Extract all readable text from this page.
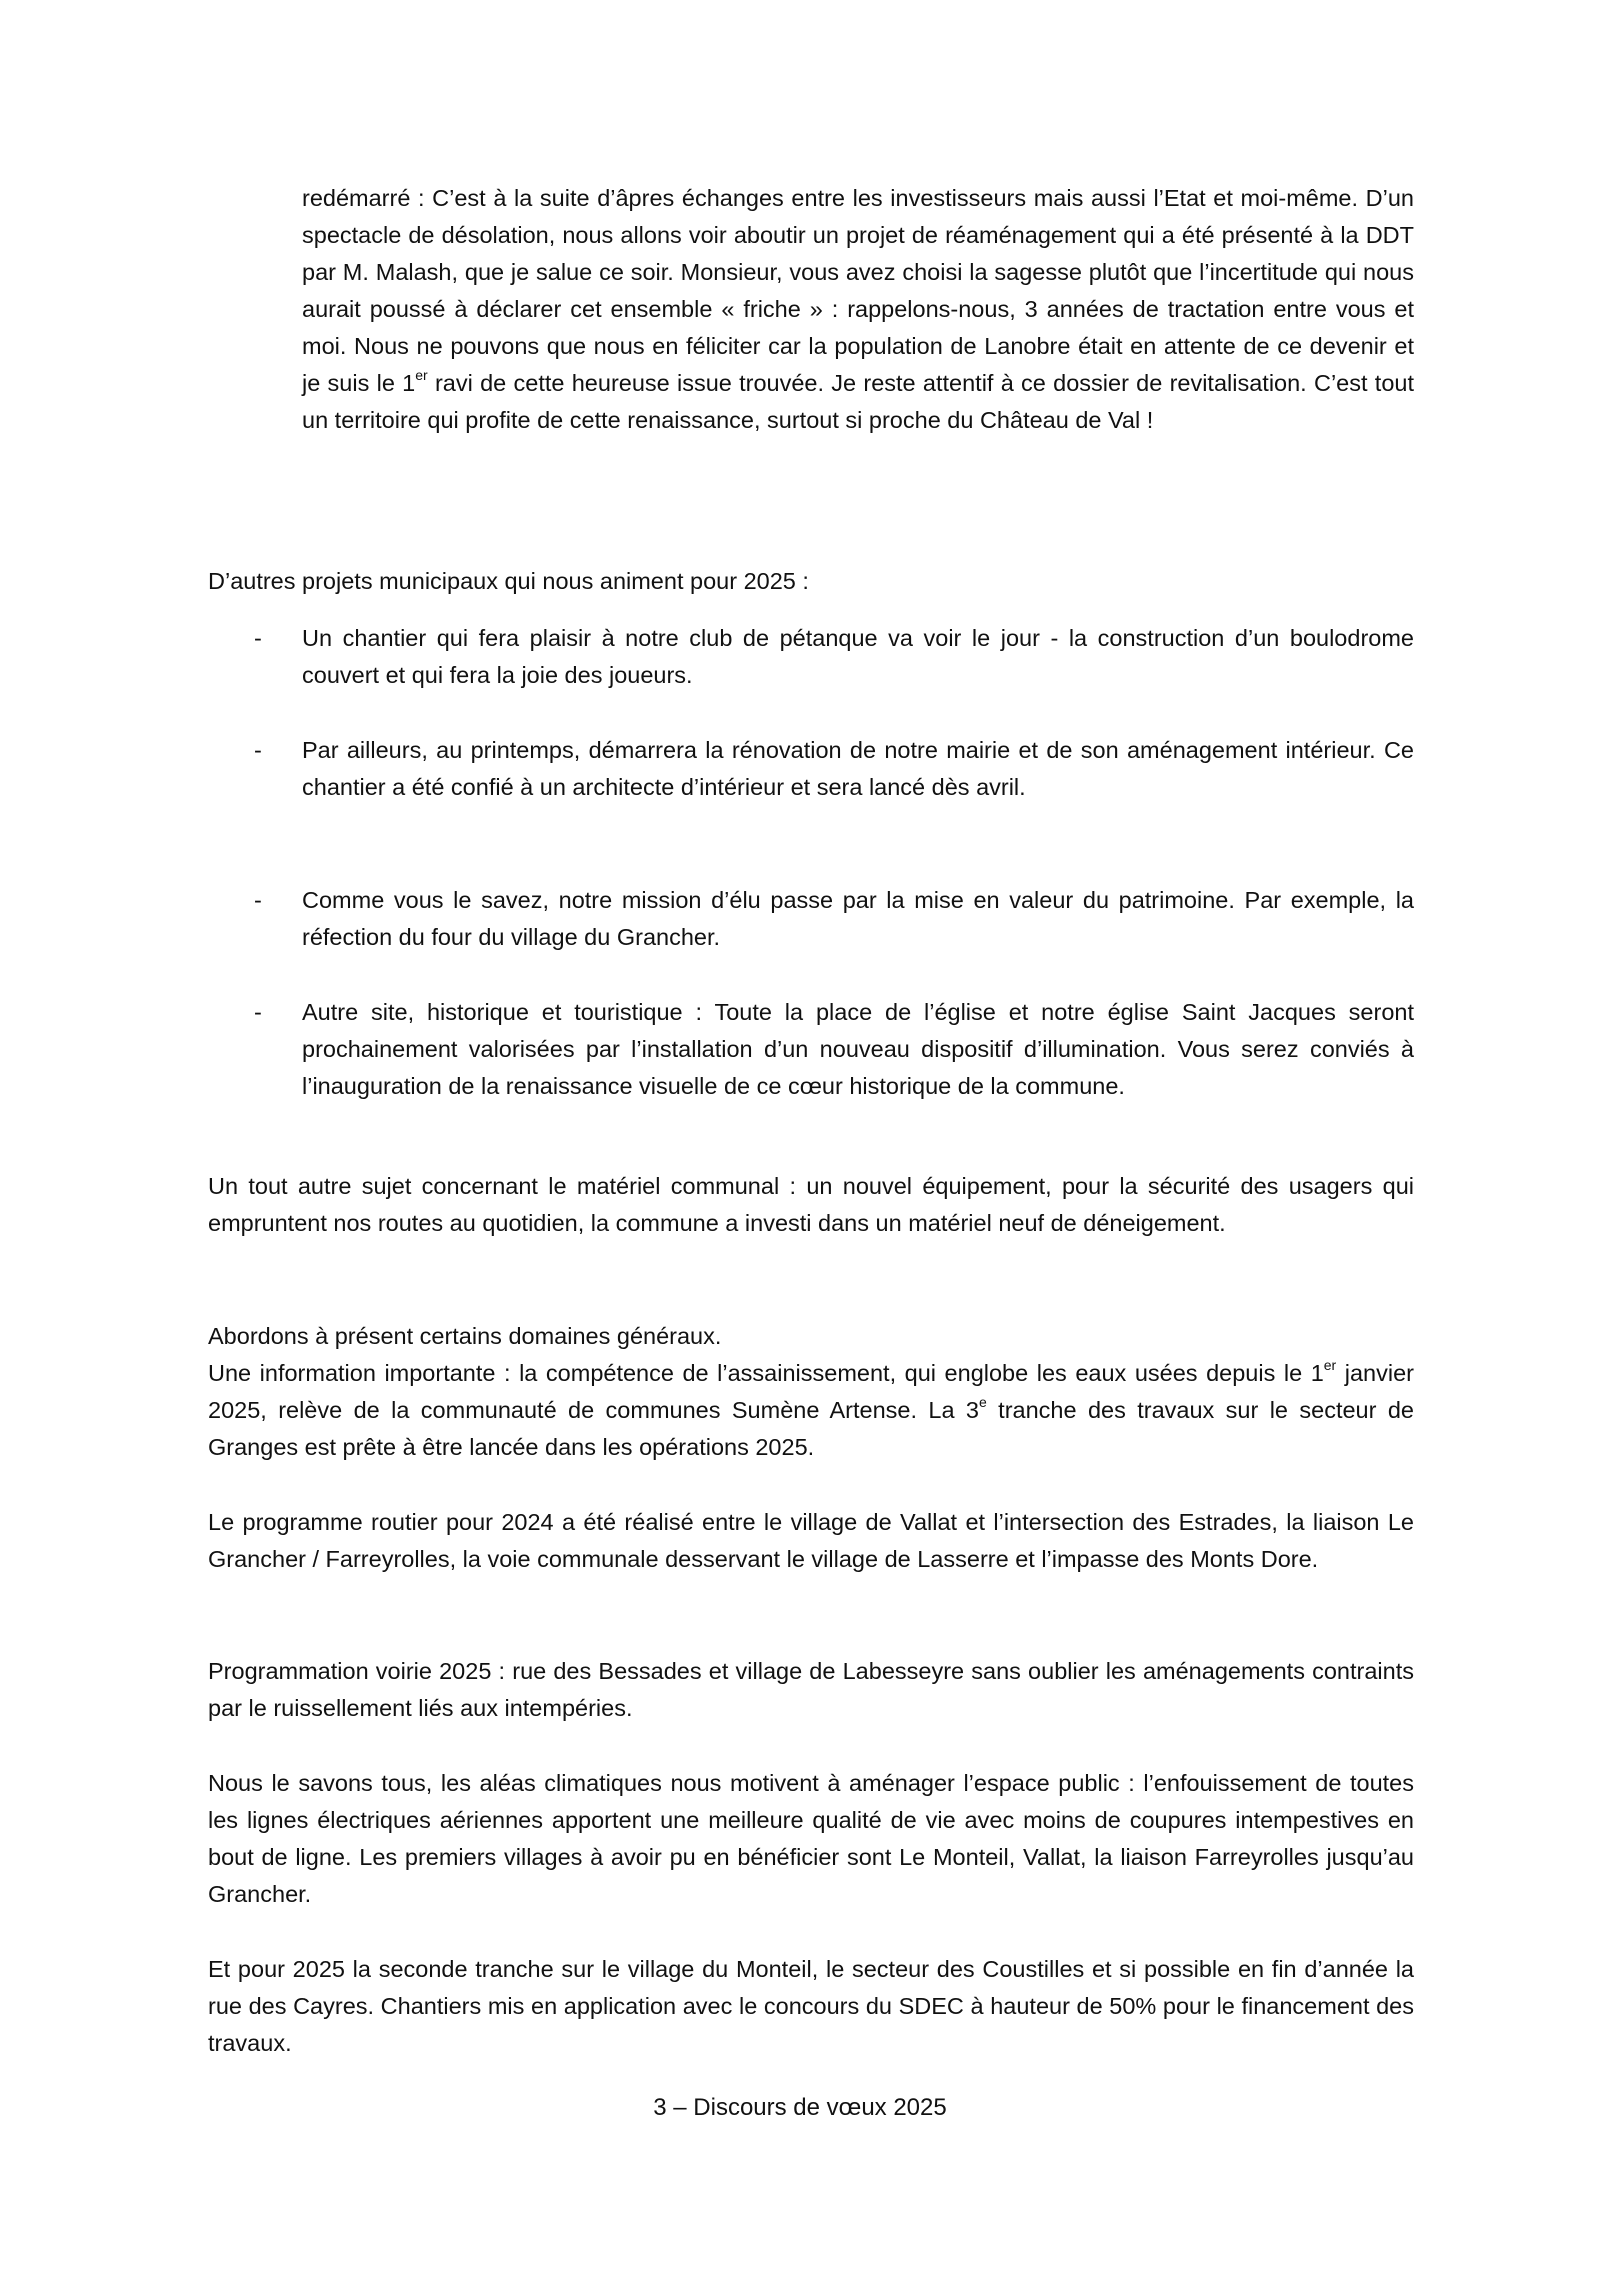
redémarré : C’est à la suite d’âpres échanges entre les investisseurs mais aussi l’Etat et moi-même. D’un spectacle de désolation, nous allons voir aboutir un projet de réaménagement qui a été présenté à la DDT par M. Malash, que je salue ce soir. Monsieur, vous avez choisi la sagesse plutôt que l’incertitude qui nous aurait poussé à déclarer cet ensemble « friche » : rappelons-nous, 3 années de tractation entre vous et moi. Nous ne pouvons que nous en féliciter car la population de Lanobre était en attente de ce devenir et je suis le 1er ravi de cette heureuse issue trouvée. Je reste attentif à ce dossier de revitalisation. C’est tout un territoire qui profite de cette renaissance, surtout si proche du Château de Val !

D’autres projets municipaux qui nous animent pour 2025 :

-	Un chantier qui fera plaisir à notre club de pétanque va voir le jour - la construction d’un boulodrome couvert et qui fera la joie des joueurs.

-	Par ailleurs, au printemps, démarrera la rénovation de notre mairie et de son aménagement intérieur. Ce chantier a été confié à un architecte d’intérieur et sera lancé dès avril.

-	Comme vous le savez, notre mission d’élu passe par la mise en valeur du patrimoine. Par exemple, la réfection du four du village du Grancher.

-	Autre site, historique et touristique : Toute la place de l’église et notre église Saint Jacques seront prochainement valorisées par l’installation d’un nouveau dispositif d’illumination. Vous serez conviés à l’inauguration de la renaissance visuelle de ce cœur historique de la commune.

Un tout autre sujet concernant le matériel communal : un nouvel équipement, pour la sécurité des usagers qui empruntent nos routes au quotidien, la commune a investi dans un matériel neuf de déneigement.

Abordons à présent certains domaines généraux.

Une information importante : la compétence de l’assainissement, qui englobe les eaux usées depuis le 1er janvier 2025, relève de la communauté de communes Sumène Artense. La 3e tranche des travaux sur le secteur de Granges est prête à être lancée dans les opérations 2025.

Le programme routier pour 2024 a été réalisé entre le village de Vallat et l’intersection des Estrades, la liaison Le Grancher / Farreyrolles, la voie communale desservant le village de Lasserre et l’impasse des Monts Dore.

Programmation voirie 2025 : rue des Bessades et village de Labesseyre sans oublier les aménagements contraints par le ruissellement liés aux intempéries.

Nous le savons tous, les aléas climatiques nous motivent à aménager l’espace public : l’enfouissement de toutes les lignes électriques aériennes apportent une meilleure qualité de vie avec moins de coupures intempestives en bout de ligne. Les premiers villages à avoir pu en bénéficier sont Le Monteil, Vallat, la liaison Farreyrolles jusqu’au Grancher.

Et pour 2025 la seconde tranche sur le village du Monteil, le secteur des Coustilles et si possible en fin d’année la rue des Cayres. Chantiers mis en application avec le concours du SDEC à hauteur de 50% pour le financement des travaux.

3 – Discours de vœux 2025
